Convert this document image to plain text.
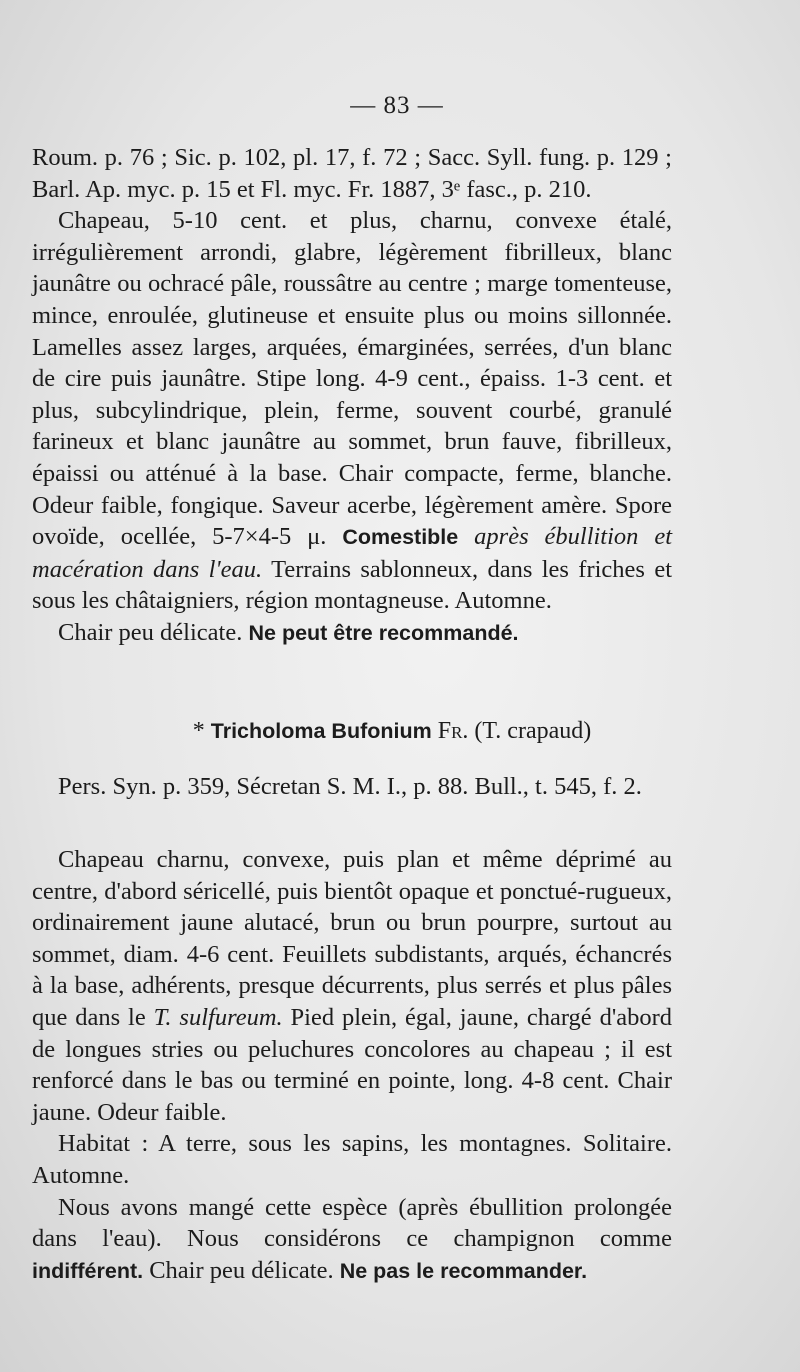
— 83 —

Roum. p. 76 ; Sic. p. 102, pl. 17, f. 72 ; Sacc. Syll. fung. p. 129 ; Barl. Ap. myc. p. 15 et Fl. myc. Fr. 1887, 3ᵉ fasc., p. 210.

Chapeau, 5-10 cent. et plus, charnu, convexe étalé, irrégulièrement arrondi, glabre, légèrement fibrilleux, blanc jaunâtre ou ochracé pâle, roussâtre au centre ; marge tomenteuse, mince, enroulée, glutineuse et ensuite plus ou moins sillonnée. Lamelles assez larges, arquées, émarginées, serrées, d'un blanc de cire puis jaunâtre. Stipe long. 4-9 cent., épaiss. 1-3 cent. et plus, subcylindrique, plein, ferme, souvent courbé, granulé farineux et blanc jaunâtre au sommet, brun fauve, fibrilleux, épaissi ou atténué à la base. Chair compacte, ferme, blanche. Odeur faible, fongique. Saveur acerbe, légèrement amère. Spore ovoïde, ocellée, 5-7×4-5 μ. Comestible après ébullition et macération dans l'eau. Terrains sablonneux, dans les friches et sous les châtaigniers, région montagneuse. Automne.

Chair peu délicate. Ne peut être recommandé.

* Tricholoma Bufonium Fr. (T. crapaud)

Pers. Syn. p. 359, Sécretan S. M. I., p. 88. Bull., t. 545, f. 2.

Chapeau charnu, convexe, puis plan et même déprimé au centre, d'abord séricellé, puis bientôt opaque et ponctué-rugueux, ordinairement jaune alutacé, brun ou brun pourpre, surtout au sommet, diam. 4-6 cent. Feuillets subdistants, arqués, échancrés à la base, adhérents, presque décurrents, plus serrés et plus pâles que dans le T. sulfureum. Pied plein, égal, jaune, chargé d'abord de longues stries ou peluchures concolores au chapeau ; il est renforcé dans le bas ou terminé en pointe, long. 4-8 cent. Chair jaune. Odeur faible.

Habitat : A terre, sous les sapins, les montagnes. Solitaire. Automne.

Nous avons mangé cette espèce (après ébullition prolongée dans l'eau). Nous considérons ce champignon comme indifférent. Chair peu délicate. Ne pas le recommander.
